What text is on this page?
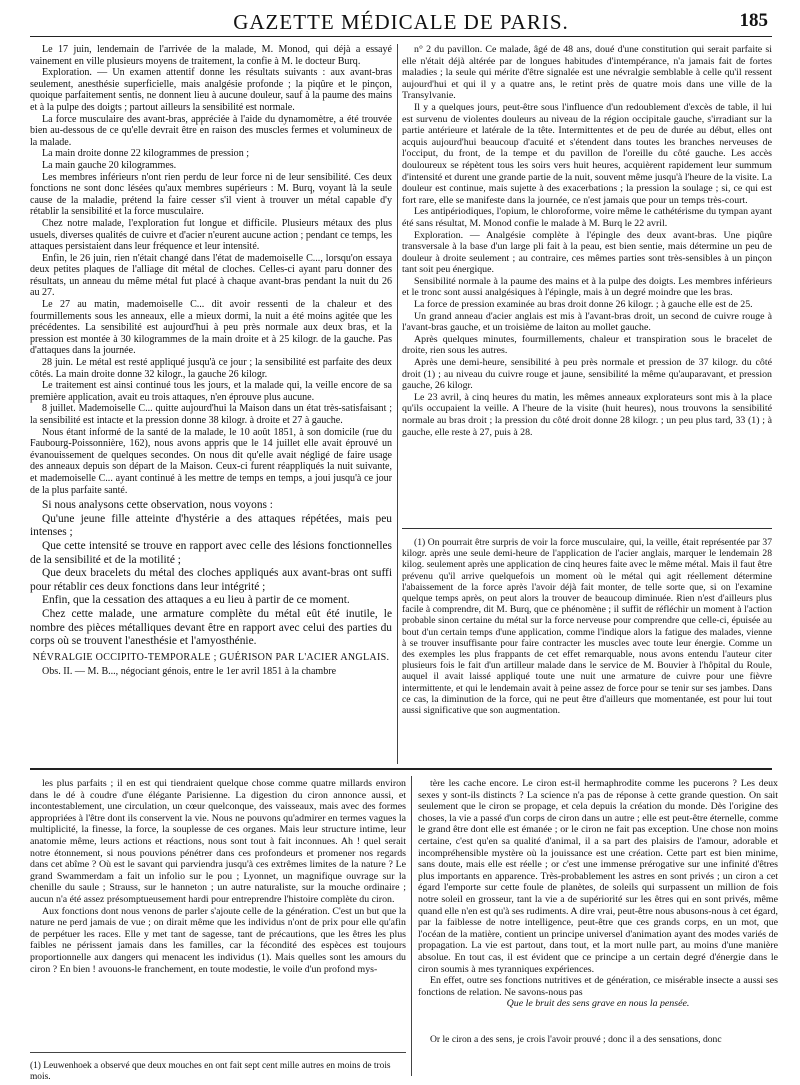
GAZETTE MÉDICALE DE PARIS.	185

Le 17 juin, lendemain de l'arrivée de la malade, M. Monod, qui déjà a essayé vainement en ville plusieurs moyens de traitement, la confie à M. le docteur Burq.

Exploration. — Un examen attentif donne les résultats suivants : aux avant-bras seulement, anesthésie superficielle, mais analgésie profonde ; la piqûre et le pinçon, quoique parfaitement sentis, ne donnent lieu à aucune douleur, sauf à la paume des mains et à la pulpe des doigts ; partout ailleurs la sensibilité est normale.

La force musculaire des avant-bras, appréciée à l'aide du dynamomètre, a été trouvée bien au-dessous de ce qu'elle devrait être en raison des muscles fermes et volumineux de la malade.

La main droite donne 22 kilogrammes de pression ;

La main gauche 20 kilogrammes.

Les membres inférieurs n'ont rien perdu de leur force ni de leur sensibilité. Ces deux fonctions ne sont donc lésées qu'aux membres supérieurs : M. Burq, voyant là la seule cause de la maladie, prétend la faire cesser s'il vient à trouver un métal capable d'y rétablir la sensibilité et la force musculaire.

Chez notre malade, l'exploration fut longue et difficile. Plusieurs métaux des plus usuels, diverses qualités de cuivre et d'acier n'eurent aucune action ; pendant ce temps, les attaques persistaient dans leur fréquence et leur intensité.

Enfin, le 26 juin, rien n'était changé dans l'état de mademoiselle C..., lorsqu'on essaya deux petites plaques de l'alliage dit métal de cloches. Celles-ci ayant paru donner des résultats, un anneau du même métal fut placé à chaque avant-bras pendant la nuit du 26 au 27.

Le 27 au matin, mademoiselle C... dit avoir ressenti de la chaleur et des fourmillements sous les anneaux, elle a mieux dormi, la nuit a été moins agitée que les précédentes. La sensibilité est aujourd'hui à peu près normale aux deux bras, et la pression est montée à 30 kilogrammes de la main droite et à 25 kilogr. de la gauche. Pas d'attaques dans la journée.

28 juin. Le métal est resté appliqué jusqu'à ce jour ; la sensibilité est parfaite des deux côtés. La main droite donne 32 kilogr., la gauche 26 kilogr.

Le traitement est ainsi continué tous les jours, et la malade qui, la veille encore de sa première application, avait eu trois attaques, n'en éprouve plus aucune.

8 juillet. Mademoiselle C... quitte aujourd'hui la Maison dans un état très-satisfaisant ; la sensibilité est intacte et la pression donne 38 kilogr. à droite et 27 à gauche.

Nous étant informé de la santé de la malade, le 10 août 1851, à son domicile (rue du Faubourg-Poissonnière, 162), nous avons appris que le 14 juillet elle avait éprouvé un évanouissement de quelques secondes. On nous dit qu'elle avait négligé de faire usage des anneaux depuis son départ de la Maison. Ceux-ci furent réappliqués la nuit suivante, et mademoiselle C... ayant continué à les mettre de temps en temps, a joui jusqu'à ce jour de la plus parfaite santé.

Si nous analysons cette observation, nous voyons :

Qu'une jeune fille atteinte d'hystérie a des attaques répétées, mais peu intenses ;

Que cette intensité se trouve en rapport avec celle des lésions fonctionnelles de la sensibilité et de la motilité ;

Que deux bracelets du métal des cloches appliqués aux avant-bras ont suffi pour rétablir ces deux fonctions dans leur intégrité ;

Enfin, que la cessation des attaques a eu lieu à partir de ce moment.

Chez cette malade, une armature complète du métal eût été inutile, le nombre des pièces métalliques devant être en rapport avec celui des parties du corps où se trouvent l'anesthésie et l'amyosthénie.

NÉVRALGIE OCCIPITO-TEMPORALE ; GUÉRISON PAR L'ACIER ANGLAIS.

Obs. II. — M. B..., négociant génois, entre le 1er avril 1851 à la chambre

n° 2 du pavillon. Ce malade, âgé de 48 ans, doué d'une constitution qui serait parfaite si elle n'était déjà altérée par de longues habitudes d'intempérance, n'a jamais fait de fortes maladies ; la seule qui mérite d'être signalée est une névralgie semblable à celle qu'il ressent aujourd'hui et qui il y a quatre ans, le retint près de quatre mois dans une ville de la Transylvanie.

Il y a quelques jours, peut-être sous l'influence d'un redoublement d'excès de table, il lui est survenu de violentes douleurs au niveau de la région occipitale gauche, s'irradiant sur la partie antérieure et latérale de la tête. Intermittentes et de peu de durée au début, elles ont acquis aujourd'hui beaucoup d'acuité et s'étendent dans toutes les branches nerveuses de l'occiput, du front, de la tempe et du pavillon de l'oreille du côté gauche. Les accès douloureux se répètent tous les soirs vers huit heures, acquièrent rapidement leur summum d'intensité et durent une grande partie de la nuit, souvent même jusqu'à l'heure de la visite. La douleur est continue, mais sujette à des exacerbations ; la pression la soulage ; si, ce qui est fort rare, elle se manifeste dans la journée, ce n'est jamais que pour un temps très-court.

Les antipériodiques, l'opium, le chloroforme, voire même le cathétérisme du tympan ayant été sans résultat, M. Monod confie le malade à M. Burq le 22 avril.

Exploration. — Analgésie complète à l'épingle des deux avant-bras. Une piqûre transversale à la base d'un large pli fait à la peau, est bien sentie, mais détermine un peu de douleur à droite seulement ; au contraire, ces mêmes parties sont très-sensibles à un pinçon tant soit peu énergique.

Sensibilité normale à la paume des mains et à la pulpe des doigts. Les membres inférieurs et le tronc sont aussi analgésiques à l'épingle, mais à un degré moindre que les bras.

La force de pression examinée au bras droit donne 26 kilogr. ; à gauche elle est de 25.

Un grand anneau d'acier anglais est mis à l'avant-bras droit, un second de cuivre rouge à l'avant-bras gauche, et un troisième de laiton au mollet gauche.

Après quelques minutes, fourmillements, chaleur et transpiration sous le bracelet de droite, rien sous les autres.

Après une demi-heure, sensibilité à peu près normale et pression de 37 kilogr. du côté droit (1) ; au niveau du cuivre rouge et jaune, sensibilité la même qu'auparavant, et pression gauche, 26 kilogr.

Le 23 avril, à cinq heures du matin, les mêmes anneaux explorateurs sont mis à la place qu'ils occupaient la veille. A l'heure de la visite (huit heures), nous trouvons la sensibilité normale au bras droit ; la pression du côté droit donne 28 kilogr. ; un peu plus tard, 33 (1) ; à gauche, elle reste à 27, puis à 28.

(1) On pourrait être surpris de voir la force musculaire, qui, la veille, était représentée par 37 kilogr. après une seule demi-heure de l'application de l'acier anglais, marquer le lendemain 28 kilog. seulement après une application de cinq heures faite avec le même métal. Mais il faut être prévenu qu'il arrive quelquefois un moment où le métal qui agit réellement détermine l'abaissement de la force après l'avoir déjà fait monter, de telle sorte que, si on l'examine quelque temps après, on peut alors la trouver de beaucoup diminuée. Rien n'est d'ailleurs plus facile à comprendre, dit M. Burq, que ce phénomène ; il suffit de réfléchir un moment à l'action probable sinon certaine du métal sur la force nerveuse pour comprendre que celle-ci, épuisée au bout d'un certain temps d'une application, comme l'indique alors la fatigue des malades, vienne à se trouver insuffisante pour faire contracter les muscles avec toute leur énergie. Comme un des exemples les plus frappants de cet effet remarquable, nous avons entendu l'auteur citer plusieurs fois le fait d'un artilleur malade dans le service de M. Bouvier à l'hôpital du Roule, auquel il avait laissé appliqué toute une nuit une armature de cuivre pour une fièvre intermittente, et qui le lendemain avait à peine assez de force pour se tenir sur ses jambes. Dans ce cas, la diminution de la force, qui ne peut être d'ailleurs que momentanée, est pour lui tout aussi significative que son augmentation.

les plus parfaits ; il en est qui tiendraient quelque chose comme quatre millards environ dans le dé à coudre d'une élégante Parisienne. La digestion du ciron annonce aussi, et incontestablement, une circulation, un cœur quelconque, des vaisseaux, mais avec des formes appropriées à l'être dont ils conservent la vie. Nous ne pouvons qu'admirer en termes vagues la multiplicité, la finesse, la force, la souplesse de ces organes. Mais leur structure intime, leur anatomie même, leurs actions et réactions, nous sont tout à fait inconnues. Ah ! quel serait notre étonnement, si nous pouvions pénétrer dans ces profondeurs et promener nos regards dans cet abîme ? Où est le savant qui parviendra jusqu'à ces extrêmes limites de la nature ? Le grand Swammerdam a fait un infolio sur le pou ; Lyonnet, un magnifique ouvrage sur la chenille du saule ; Strauss, sur le hanneton ; un autre naturaliste, sur la mouche ordinaire ; aucun n'a été assez présomptueusement hardi pour entreprendre l'histoire complète du ciron.

Aux fonctions dont nous venons de parler s'ajoute celle de la génération. C'est un but que la nature ne perd jamais de vue ; on dirait même que les individus n'ont de prix pour elle qu'afin de perpétuer les races. Elle y met tant de sagesse, tant de précautions, que les êtres les plus faibles ne périssent jamais dans les familles, car la fécondité des espèces est toujours proportionnelle aux dangers qui menacent les individus (1). Mais quelles sont les amours du ciron ? En bien ! avouons-le franchement, en toute modestie, le voile d'un profond mys-

tère les cache encore. Le ciron est-il hermaphrodite comme les pucerons ? Les deux sexes y sont-ils distincts ? La science n'a pas de réponse à cette grande question. On sait seulement que le ciron se propage, et cela depuis la création du monde. Dès l'origine des choses, la vie a passé d'un corps de ciron dans un autre ; elle est peut-être éternelle, comme le grand être dont elle est émanée ; or le ciron ne fait pas exception. Une chose non moins certaine, c'est qu'en sa qualité d'animal, il a sa part des plaisirs de l'amour, adorable et incompréhensible mystère où la jouissance est une création. Cette part est bien minime, sans doute, mais elle est réelle ; or c'est une immense prérogative sur une infinité d'êtres plus importants en apparence. Très-probablement les astres en sont privés ; un ciron a cet égard l'emporte sur cette foule de planètes, de soleils qui surpassent un million de fois notre soleil en grosseur, tant la vie a de supériorité sur les êtres qui en sont privés, même quand elle n'en est qu'à ses rudiments. A dire vrai, peut-être nous abusons-nous à cet égard, par la faiblesse de notre intelligence, peut-être que ces grands corps, en un mot, que l'océan de la matière, contient un principe universel d'animation ayant des modes variés de propagation. La vie est partout, dans tout, et la mort nulle part, au moins d'une manière absolue. En tout cas, il est évident que ce principe a un certain degré d'énergie dans le ciron soumis à mes tyranniques expériences.

En effet, outre ses fonctions nutritives et de génération, ce misérable insecte a aussi ses fonctions de relation. Ne savons-nous pas

Que le bruit des sens grave en nous la pensée.

Or le ciron a des sens, je crois l'avoir prouvé ; donc il a des sensations, donc

(1) Leuwenhoek a observé que deux mouches en ont fait sept cent mille autres en moins de trois mois.
